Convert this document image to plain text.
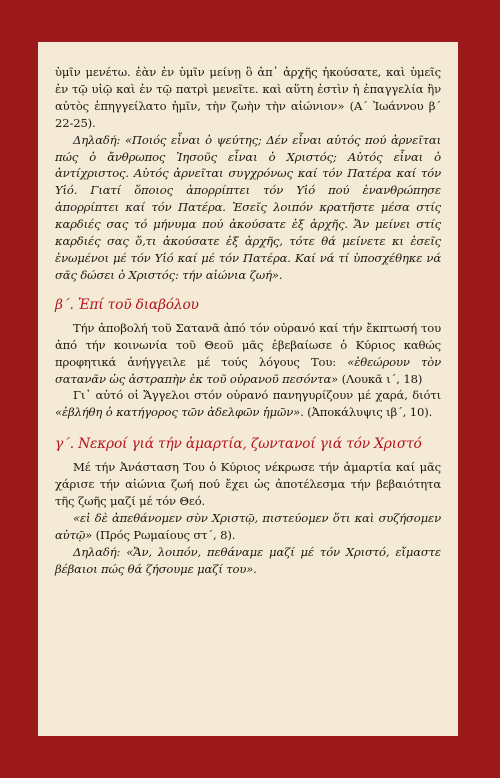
ὑμῖν μενέτω. ἐὰν ἐν ὑμῖν μείνῃ ὃ ἀπ᾿ ἀρχῆς ἠκούσατε, καὶ ὑμεῖς ἐν τῷ υἱῷ καὶ ἐν τῷ πατρὶ μενεῖτε. καὶ αὕτη ἐστὶν ἡ ἐπαγγελία ἣν αὐτὸς ἐπηγγείλατο ἡμῖν, τὴν ζωὴν τὴν αἰώνιον» (Α΄ Ἰωάννου β΄ 22-25).

Δηλαδή: «Ποιός εἶναι ὁ ψεύτης; Δέν εἶναι αὐτός πού ἀρνεῖται πώς ὁ ἄνθρωπος Ἰησοῦς εἶναι ὁ Χριστός; Αὐτός εἶναι ὁ ἀντίχριστος. Αὐτός ἀρνεῖται συγχρόνως καί τόν Πατέρα καί τόν Υἱό. Γιατί ὅποιος ἀπορρίπτει τόν Υἱό πού ἐνανθρώπησε ἀπορρίπτει καί τόν Πατέρα. Ἐσεῖς λοιπόν κρατῆστε μέσα στίς καρδιές σας τό μήνυμα πού ἀκούσατε ἐξ ἀρχῆς. Ἄν μείνει στίς καρδιές σας ὅ,τι ἀκούσατε ἐξ ἀρχῆς, τότε θά μείνετε κι ἐσεῖς ἑνωμένοι μέ τόν Υἱό καί μέ τόν Πατέρα. Καί νά τί ὑποσχέθηκε νά σᾶς δώσει ὁ Χριστός: τήν αἰώνια ζωή».

β΄. Ἐπί τοῦ διαβόλου

Τήν ἀποβολή τοῦ Σατανᾶ ἀπό τόν οὐρανό καί τήν ἔκπτωσή του ἀπό τήν κοινωνία τοῦ Θεοῦ μᾶς ἐβεβαίωσε ὁ Κύριος καθώς προφητικά ἀνήγγειλε μέ τούς λόγους Του: «ἐθεώρουν τὸν σατανᾶν ὡς ἀστραπὴν ἐκ τοῦ οὐρανοῦ πεσόντα» (Λουκᾶ ι΄, 18)

Γι᾿ αὐτό οἱ Ἄγγελοι στόν οὐρανό πανηγυρίζουν μέ χαρά, διότι «ἐβλήθη ὁ κατήγορος τῶν ἀδελφῶν ἡμῶν». (Ἀποκάλυψις ιβ΄, 10).

γ΄. Νεκροί γιά τήν ἁμαρτία, ζωντανοί γιά τόν Χριστό

Μέ τήν Ἀνάσταση Του ὁ Κύριος νέκρωσε τήν ἁμαρτία καί μᾶς χάρισε τήν αἰώνια ζωή πού ἔχει ὡς ἀποτέλεσμα τήν βεβαιότητα τῆς ζωῆς μαζί μέ τόν Θεό.

«εἰ δὲ ἀπεθάνομεν σὺν Χριστῷ, πιστεύομεν ὅτι καὶ συζήσομεν αὐτῷ» (Πρός Ρωμαίους στ΄, 8).

Δηλαδή: «Ἄν, λοιπόν, πεθάναμε μαζί μέ τόν Χριστό, εἴμαστε βέβαιοι πώς θά ζήσουμε μαζί του».
